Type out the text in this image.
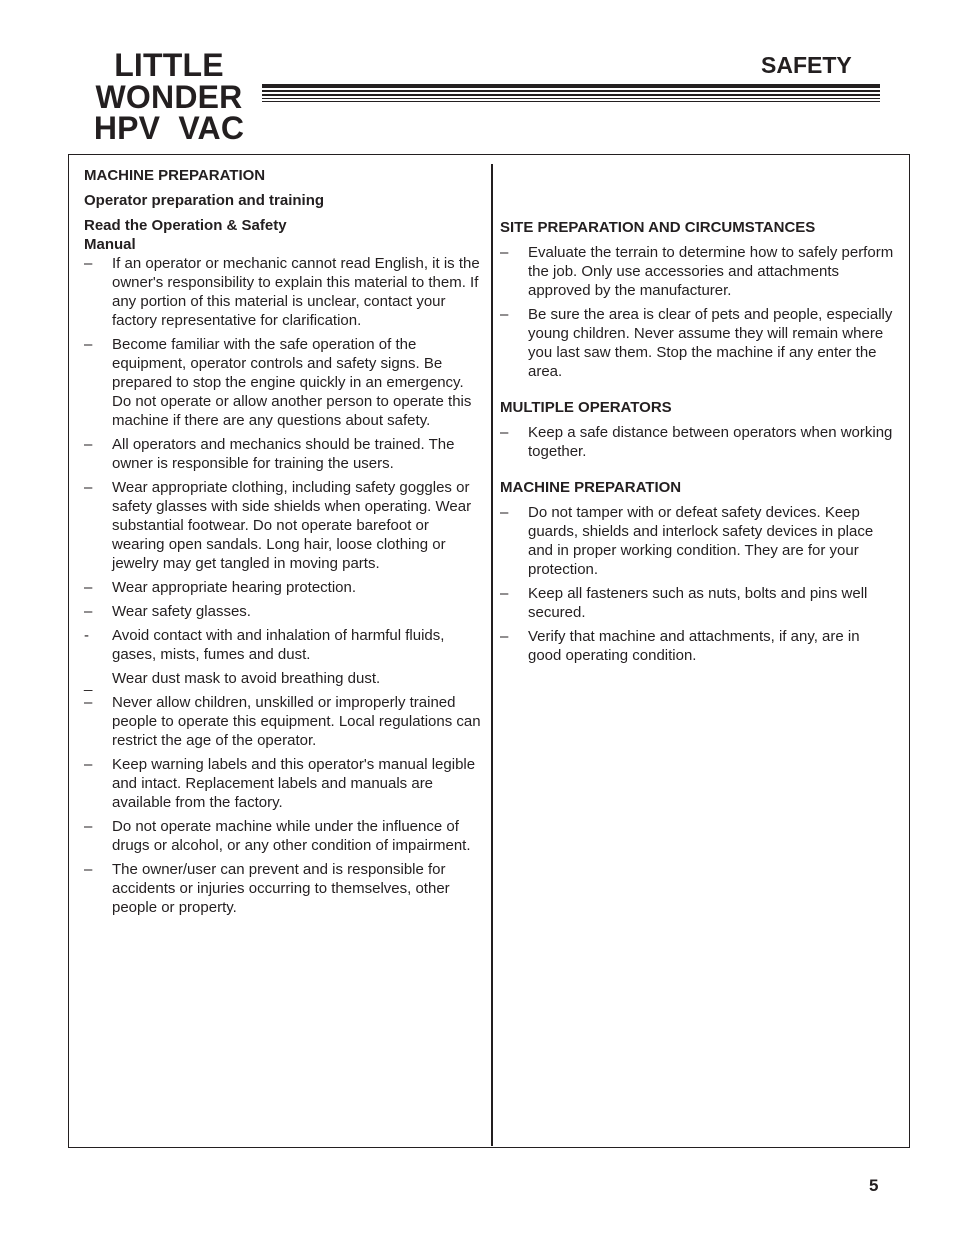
LITTLE
WONDER
HPV  VAC
SAFETY
MACHINE PREPARATION
Operator preparation and training
Read the Operation & Safety
Manual
– If an operator or mechanic cannot read English, it is the owner's responsibility to explain this material to them. If any portion of this material is unclear, contact your factory representative for clarification.
– Become familiar with the safe operation of the equipment, operator controls and safety signs. Be prepared to stop the engine quickly in an emergency. Do not operate or allow another person to operate this machine if there are any questions about safety.
– All operators and mechanics should be trained. The owner is responsible for training the users.
– Wear appropriate clothing, including safety goggles or safety glasses with side shields when operating. Wear substantial footwear. Do not operate barefoot or wearing open sandals. Long hair, loose clothing or jewelry may get tangled in moving parts.
– Wear appropriate hearing protection.
– Wear safety glasses.
- Avoid contact with and inhalation of harmful fluids, gases, mists, fumes and dust.
_ Wear dust mask to avoid breathing dust.
– Never allow children, unskilled or improperly trained people to operate this equipment. Local regulations can restrict the age of the operator.
– Keep warning labels and this operator's manual legible and intact. Replacement labels and manuals are available from the factory.
– Do not operate machine while under the influence of drugs or alcohol, or any other condition of impairment.
– The owner/user can prevent and is responsible for accidents or injuries occurring to themselves, other people or property.
SITE PREPARATION AND CIRCUMSTANCES
– Evaluate the terrain to determine how to safely perform the job. Only use accessories and attachments approved by the manufacturer.
– Be sure the area is clear of pets and people, especially young children. Never assume they will remain where you last saw them. Stop the machine if any enter the area.
MULTIPLE OPERATORS
– Keep a safe distance between operators when working together.
MACHINE PREPARATION
– Do not tamper with or defeat safety devices. Keep guards, shields and interlock safety devices in place and in proper working condition. They are for your protection.
– Keep all fasteners such as nuts, bolts and pins well secured.
– Verify that machine and attachments, if any, are in good operating condition.
5
